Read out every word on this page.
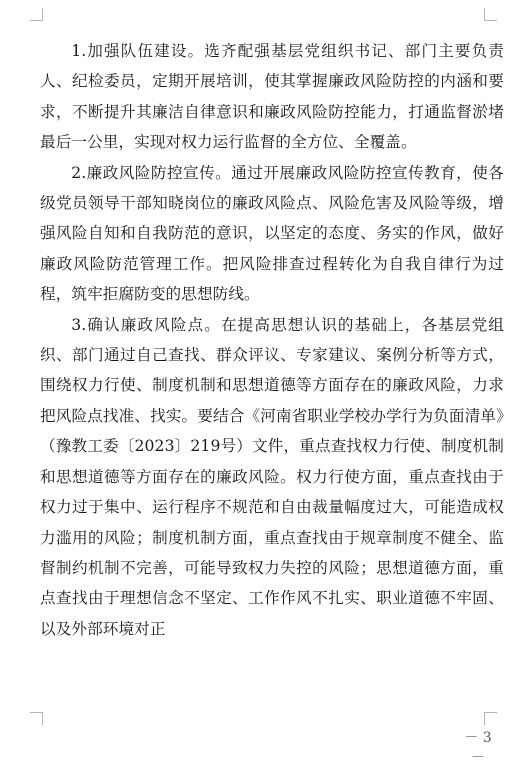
1.加强队伍建设。选齐配强基层党组织书记、部门主要负责人、纪检委员，定期开展培训，使其掌握廉政风险防控的内涵和要求，不断提升其廉洁自律意识和廉政风险防控能力，打通监督淤堵最后一公里，实现对权力运行监督的全方位、全覆盖。

2.廉政风险防控宣传。通过开展廉政风险防控宣传教育，使各级党员领导干部知晓岗位的廉政风险点、风险危害及风险等级，增强风险自知和自我防范的意识，以坚定的态度、务实的作风，做好廉政风险防范管理工作。把风险排查过程转化为自我自律行为过程，筑牢拒腐防变的思想防线。

3.确认廉政风险点。在提高思想认识的基础上，各基层党组织、部门通过自己查找、群众评议、专家建议、案例分析等方式，围绕权力行使、制度机制和思想道德等方面存在的廉政风险，力求把风险点找准、找实。要结合《河南省职业学校办学行为负面清单》（豫教工委〔2023〕219号）文件，重点查找权力行使、制度机制和思想道德等方面存在的廉政风险。权力行使方面，重点查找由于权力过于集中、运行程序不规范和自由裁量幅度过大，可能造成权力滥用的风险；制度机制方面，重点查找由于规章制度不健全、监督制约机制不完善，可能导致权力失控的风险；思想道德方面，重点查找由于理想信念不坚定、工作作风不扎实、职业道德不牢固、以及外部环境对正

－ 3 －
